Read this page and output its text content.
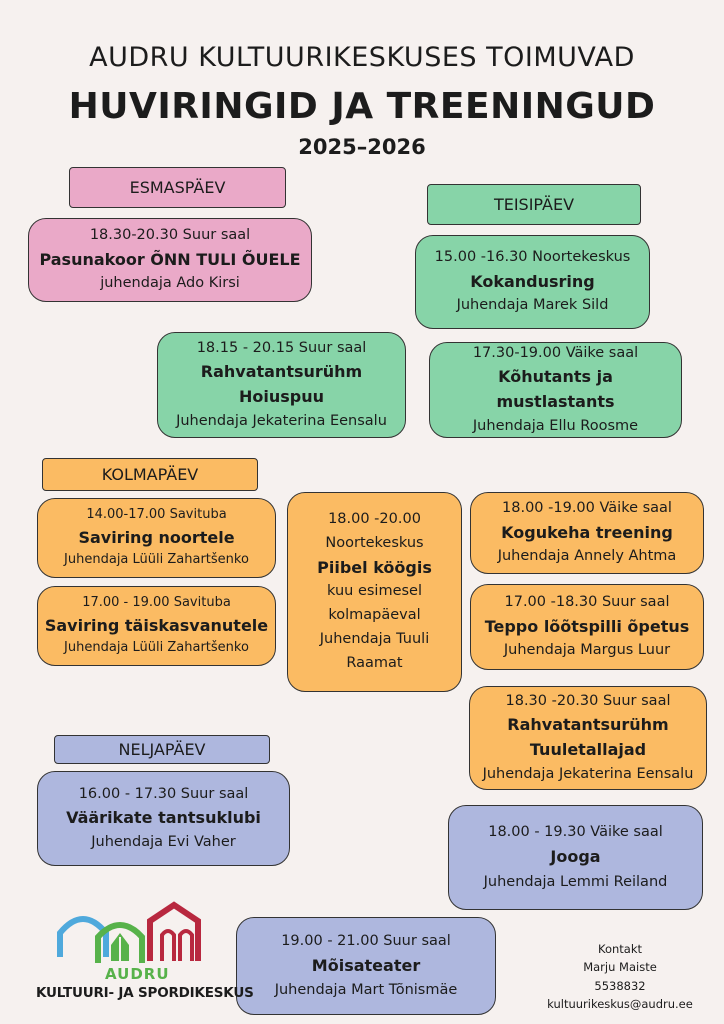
AUDRU KULTUURIKESKUSES TOIMUVAD
HUVIRINGID JA TREENINGUD
2025–2026
ESMASPÄEV
18.30-20.30 Suur saal
Pasunakoor ÕNN TULI ÕUELE
juhendaja Ado Kirsi
18.15 - 20.15 Suur saal
Rahvatantsurühm
Hoiuspuu
Juhendaja Jekaterina Eensalu
TEISIPÄEV
15.00 -16.30 Noortekeskus
Kokandusring
Juhendaja Marek Sild
17.30-19.00 Väike saal
Kõhutants ja
mustlastants
Juhendaja Ellu Roosme
KOLMAPÄEV
14.00-17.00 Savituba
Saviring noortele
Juhendaja Lüüli Zahartšenko
17.00 - 19.00 Savituba
Saviring täiskasvanutele
Juhendaja Lüüli Zahartšenko
18.00 -20.00
Noortekeskus
Piibel köögis
kuu esimesel
kolmapäeval
Juhendaja Tuuli
Raamat
18.00 -19.00 Väike saal
Kogukeha treening
Juhendaja Annely Ahtma
17.00 -18.30 Suur saal
Teppo lõõtspilli õpetus
Juhendaja Margus Luur
18.30 -20.30 Suur saal
Rahvatantsurühm
Tuuletallajad
Juhendaja Jekaterina Eensalu
NELJAPÄEV
16.00 - 17.30 Suur saal
Väärikate tantsuklubi
Juhendaja Evi Vaher
18.00 - 19.30 Väike saal
Jooga
Juhendaja Lemmi Reiland
19.00 - 21.00 Suur saal
Mõisateater
Juhendaja Mart Tõnismäe
AUDRU
KULTUURI- JA SPORDIKESKUS
Kontakt
Marju Maiste
5538832
kultuurikeskus@audru.ee
